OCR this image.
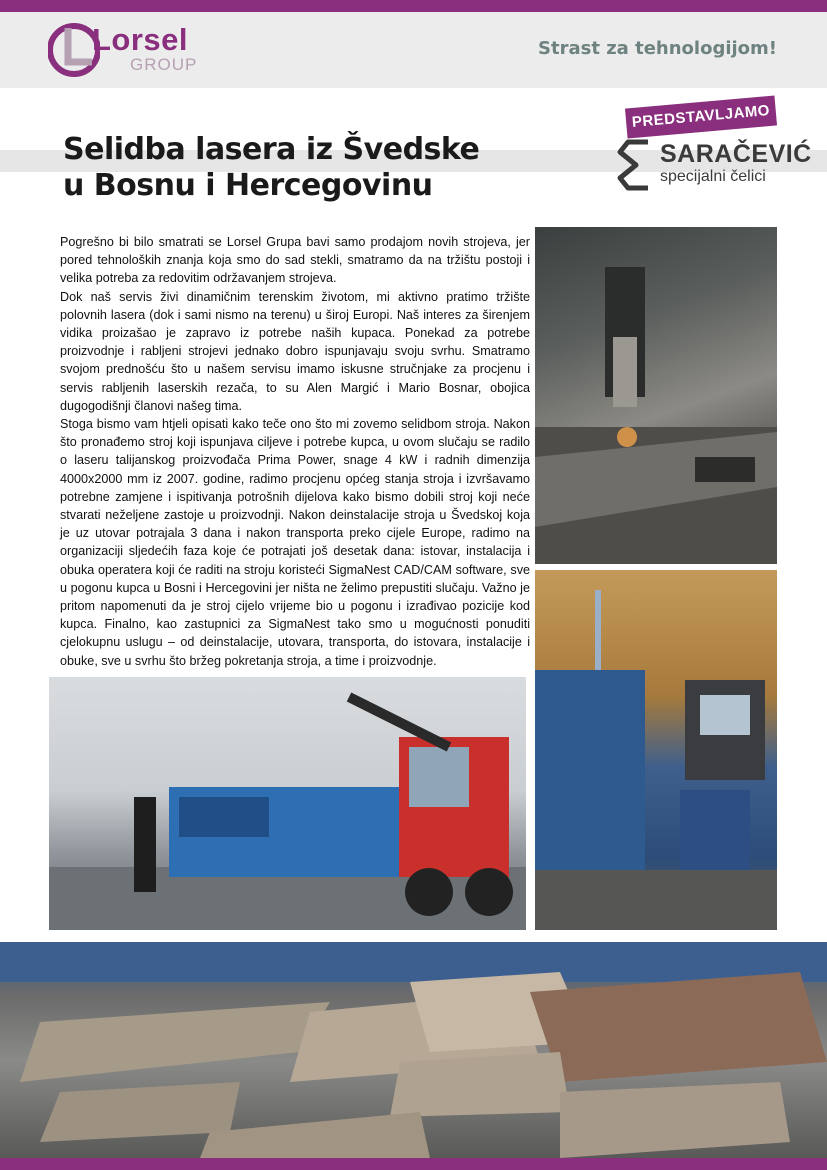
Lorsel
GROUP
Strast za tehnologijom!
Selidba lasera iz Švedske
u Bosnu i Hercegovinu
PREDSTAVLJAMO
SARAČEVIĆ
specijalni čelici

Pogrešno bi bilo smatrati se Lorsel Grupa bavi samo prodajom novih strojeva, jer pored tehnoloških znanja koja smo do sad stekli, smatramo da na tržištu postoji i velika potreba za redovitim održavanjem strojeva.

Dok naš servis živi dinamičnim terenskim životom, mi aktivno pratimo tržište polovnih lasera (dok i sami nismo na terenu) u široj Europi. Naš interes za širenjem vidika proizašao je zapravo iz potrebe naših kupaca. Ponekad za potrebe proizvodnje i rabljeni strojevi jednako dobro ispunjavaju svoju svrhu. Smatramo svojom prednošću što u našem servisu imamo iskusne stručnjake za procjenu i servis rabljenih laserskih rezača, to su Alen Margić i Mario Bosnar, obojica dugogodišnji članovi našeg tima.

Stoga bismo vam htjeli opisati kako teče ono što mi zovemo selidbom stroja. Nakon što pronađemo stroj koji ispunjava ciljeve i potrebe kupca, u ovom slučaju se radilo o laseru talijanskog proizvođača Prima Power, snage 4 kW i radnih dimenzija 4000x2000 mm iz 2007. godine, radimo procjenu općeg stanja stroja i izvršavamo potrebne zamjene i ispitivanja potrošnih dijelova kako bismo dobili stroj koji neće stvarati neželjene zastoje u proizvodnji. Nakon deinstalacije stroja u Švedskoj koja je uz utovar potrajala 3 dana i nakon transporta preko cijele Europe, radimo na organizaciji sljedećih faza koje će potrajati još desetak dana: istovar, instalacija i obuka operatera koji će raditi na stroju koristeći SigmaNest CAD/CAM software, sve u pogonu kupca u Bosni i Hercegovini jer ništa ne želimo prepustiti slučaju. Važno je pritom napomenuti da je stroj cijelo vrijeme bio u pogonu i izrađivao pozicije kod kupca. Finalno, kao zastupnici za SigmaNest tako smo u mogućnosti ponuditi cjelokupnu uslugu – od deinstalacije, utovara, transporta, do istovara, instalacije i obuke, sve u svrhu što bržeg pokretanja stroja, a time i proizvodnje.
